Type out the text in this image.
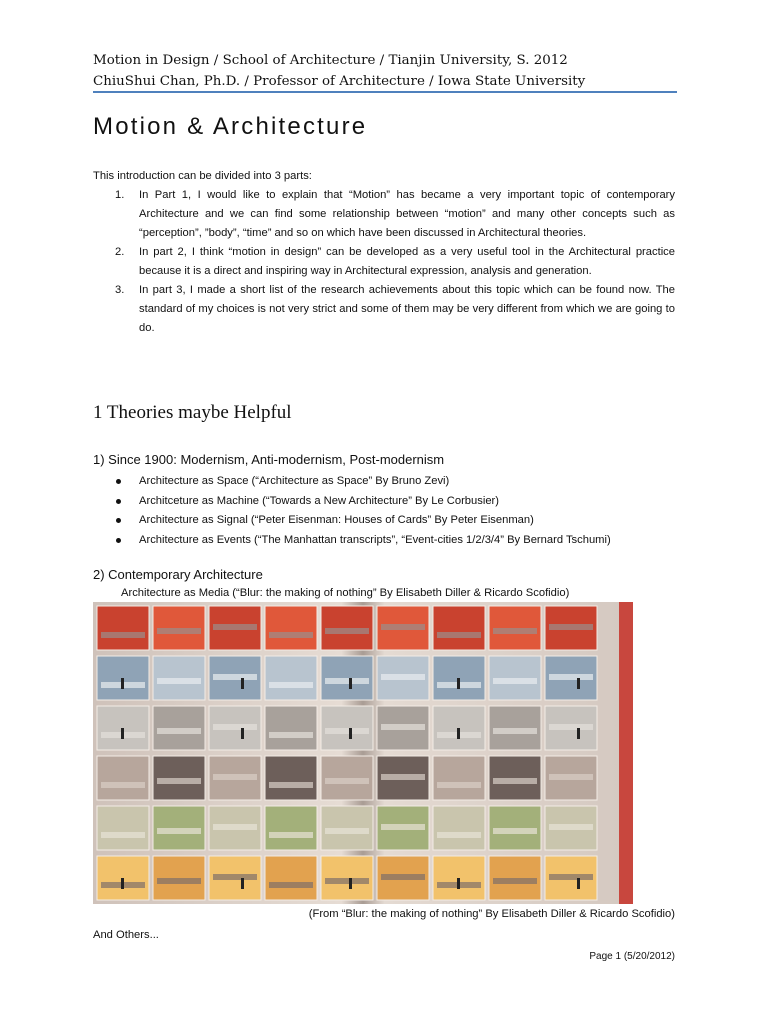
Motion in Design / School of Architecture / Tianjin University, S. 2012
ChiuShui Chan, Ph.D. / Professor of Architecture / Iowa State University
Motion & Architecture
This introduction can be divided into 3 parts:
1. In Part 1, I would like to explain that “Motion” has became a very important topic of contemporary Architecture and we can find some relationship between “motion” and many other concepts such as “perception”, ”body”, “time” and so on which have been discussed in Architectural theories.
2. In part 2, I think “motion in design” can be developed as a very useful tool in the Architectural practice because it is a direct and inspiring way in Architectural expression, analysis and generation.
3. In part 3, I made a short list of the research achievements about this topic which can be found now. The standard of my choices is not very strict and some of them may be very different from which we are going to do.
1 Theories maybe Helpful
1) Since 1900: Modernism, Anti-modernism, Post-modernism
Architecture as Space (“Architecture as Space” By Bruno Zevi)
Architceture as Machine (“Towards a New Architecture” By Le Corbusier)
Architecture as Signal (“Peter Eisenman: Houses of Cards” By Peter Eisenman)
Architecture as Events (“The Manhattan transcripts”, “Event-cities 1/2/3/4” By Bernard Tschumi)
2) Contemporary Architecture
Architecture as Media (“Blur: the making of nothing” By Elisabeth Diller & Ricardo Scofidio)
(From “Blur: the making of nothing” By Elisabeth Diller & Ricardo Scofidio)
And Others...
Page 1 (5/20/2012)
